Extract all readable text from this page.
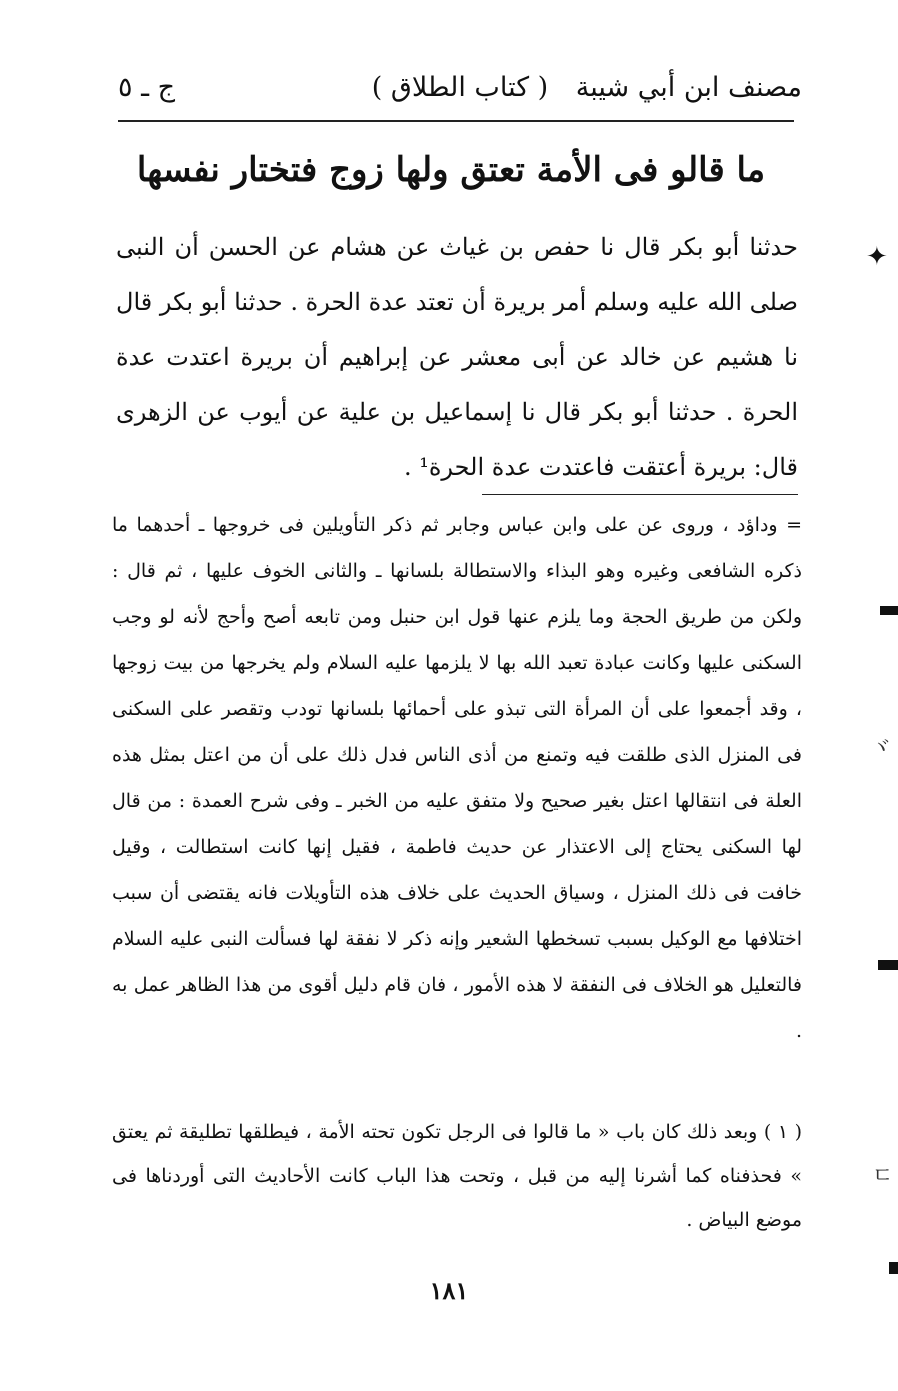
مصنف ابن أبي شيبة
( كتاب الطلاق )
ج ـ ٥
ما قالو فى الأمة تعتق ولها زوج فتختار نفسها
حدثنا أبو بكر قال نا حفص بن غياث عن هشام عن الحسن أن النبى صلى الله عليه وسلم أمر بريرة أن تعتد عدة الحرة . حدثنا أبو بكر قال نا هشيم عن خالد عن أبى معشر عن إبراهيم أن بريرة اعتدت عدة الحرة . حدثنا أبو بكر قال نا إسماعيل بن علية عن أيوب عن الزهرى قال: بريرة أعتقت فاعتدت عدة الحرة¹ .
= وداؤد ، وروى عن على وابن عباس وجابر ثم ذكر التأويلين فى خروجها ـ أحدهما ما ذكره الشافعى وغيره وهو البذاء والاستطالة بلسانها ـ والثانى الخوف عليها ، ثم قال : ولكن من طريق الحجة وما يلزم عنها قول ابن حنبل ومن تابعه أصح وأحج لأنه لو وجب السكنى عليها وكانت عبادة تعبد الله بها لا يلزمها عليه السلام ولم يخرجها من بيت زوجها ، وقد أجمعوا على أن المرأة التى تبذو على أحمائها بلسانها تودب وتقصر على السكنى فى المنزل الذى طلقت فيه وتمنع من أذى الناس فدل ذلك على أن من اعتل بمثل هذه العلة فى انتقالها اعتل بغير صحيح ولا متفق عليه من الخبر ـ وفى شرح العمدة : من قال لها السكنى يحتاج إلى الاعتذار عن حديث فاطمة ، فقيل إنها كانت استطالت ، وقيل خافت فى ذلك المنزل ، وسياق الحديث على خلاف هذه التأويلات فانه يقتضى أن سبب اختلافها مع الوكيل بسبب تسخطها الشعير وإنه ذكر لا نفقة لها فسألت النبى عليه السلام فالتعليل هو الخلاف فى النفقة لا هذه الأمور ، فان قام دليل أقوى من هذا الظاهر عمل به .
( ١ ) وبعد ذلك كان باب « ما قالوا فى الرجل تكون تحته الأمة ، فيطلقها تطليقة ثم يعتق » فحذفناه كما أشرنا إليه من قبل ، وتحت هذا الباب كانت الأحاديث التى أوردناها فى موضع البياض .
١٨١
✦
ヾ
ㄷ
